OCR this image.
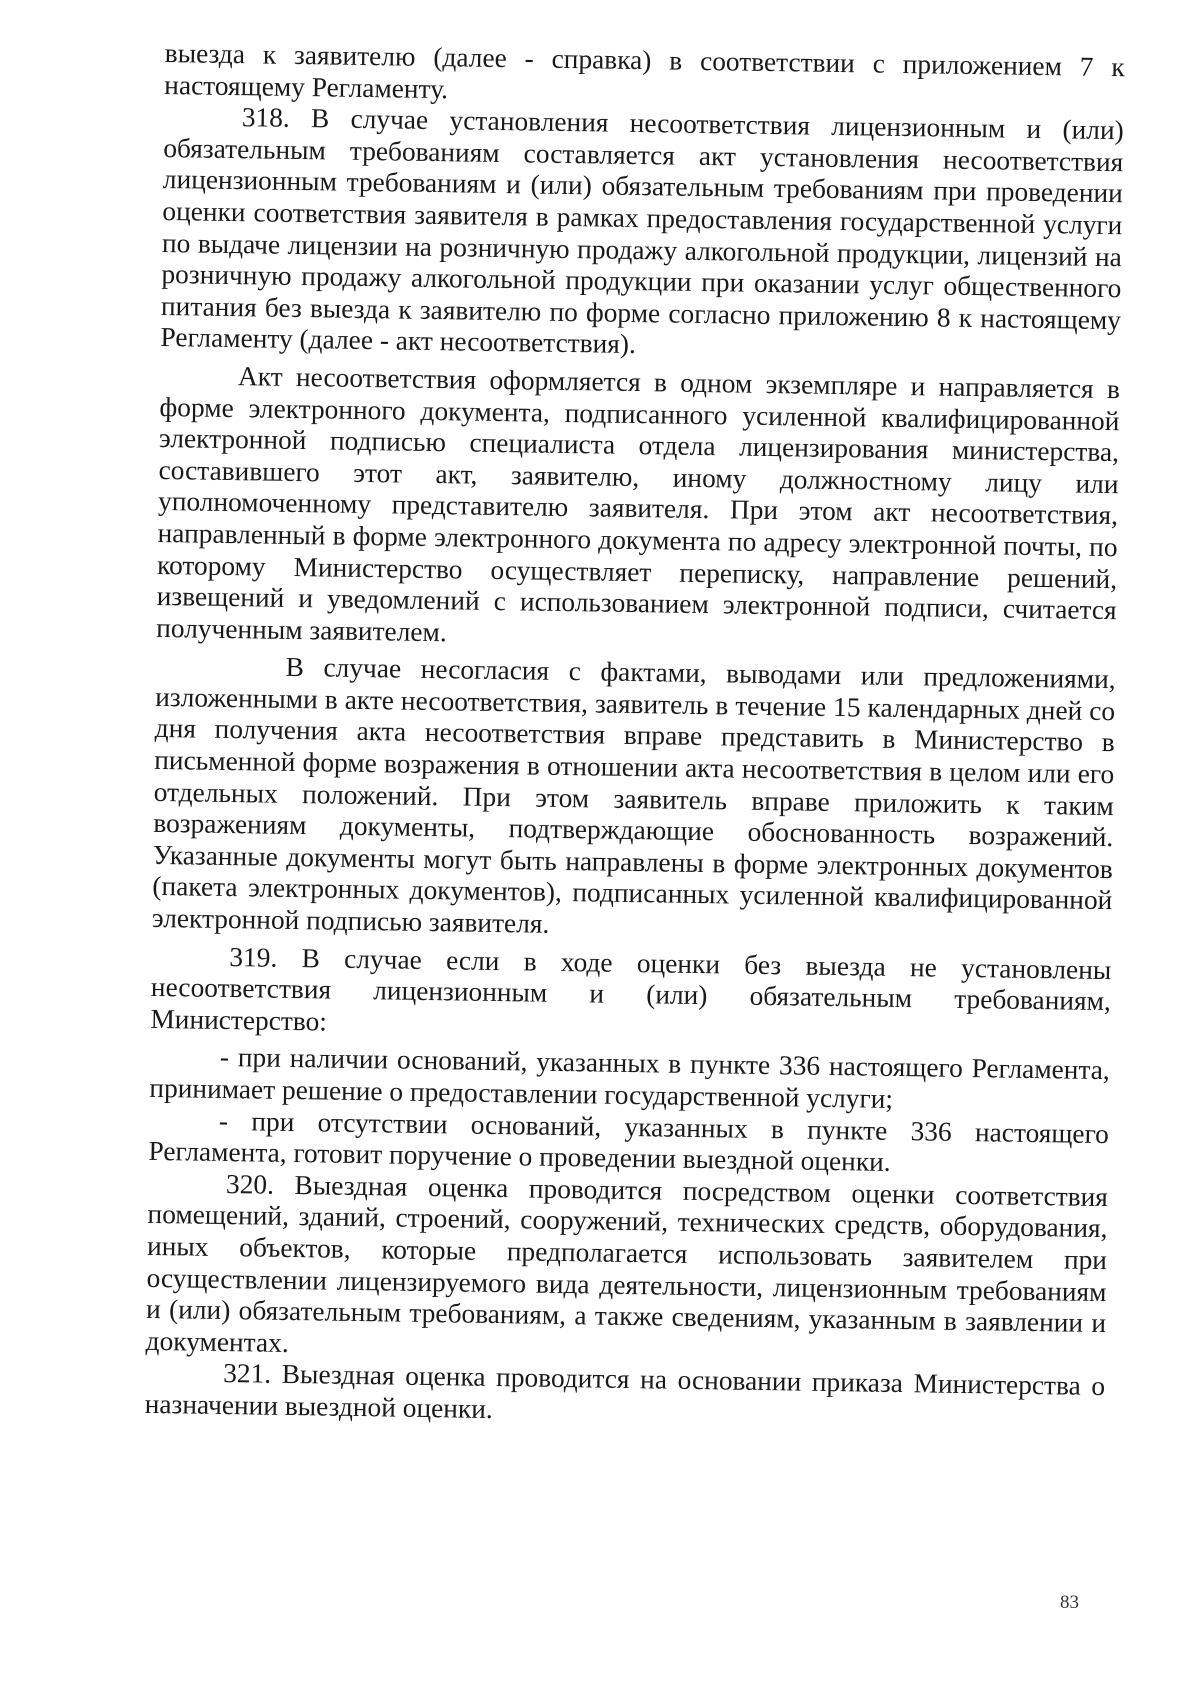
выезда к заявителю (далее - справка) в соответствии с приложением 7 к настоящему Регламенту.

318. В случае установления несоответствия лицензионным и (или) обязательным требованиям составляется акт установления несоответствия лицензионным требованиям и (или) обязательным требованиям при проведении оценки соответствия заявителя в рамках предоставления государственной услуги по выдаче лицензии на розничную продажу алкогольной продукции, лицензий на розничную продажу алкогольной продукции при оказании услуг общественного питания без выезда к заявителю по форме согласно приложению 8 к настоящему Регламенту (далее - акт несоответствия).

Акт несоответствия оформляется в одном экземпляре и направляется в форме электронного документа, подписанного усиленной квалифицированной электронной подписью специалиста отдела лицензирования министерства, составившего этот акт, заявителю, иному должностному лицу или уполномоченному представителю заявителя. При этом акт несоответствия, направленный в форме электронного документа по адресу электронной почты, по которому Министерство осуществляет переписку, направление решений, извещений и уведомлений с использованием электронной подписи, считается полученным заявителем.

В случае несогласия с фактами, выводами или предложениями, изложенными в акте несоответствия, заявитель в течение 15 календарных дней со дня получения акта несоответствия вправе представить в Министерство в письменной форме возражения в отношении акта несоответствия в целом или его отдельных положений. При этом заявитель вправе приложить к таким возражениям документы, подтверждающие обоснованность возражений. Указанные документы могут быть направлены в форме электронных документов (пакета электронных документов), подписанных усиленной квалифицированной электронной подписью заявителя.

319. В случае если в ходе оценки без выезда не установлены несоответствия лицензионным и (или) обязательным требованиям, Министерство:

- при наличии оснований, указанных в пункте 336 настоящего Регламента, принимает решение о предоставлении государственной услуги;

- при отсутствии оснований, указанных в пункте 336 настоящего Регламента, готовит поручение о проведении выездной оценки.

320. Выездная оценка проводится посредством оценки соответствия помещений, зданий, строений, сооружений, технических средств, оборудования, иных объектов, которые предполагается использовать заявителем при осуществлении лицензируемого вида деятельности, лицензионным требованиям и (или) обязательным требованиям, а также сведениям, указанным в заявлении и документах.

321. Выездная оценка проводится на основании приказа Министерства о назначении выездной оценки.

83
